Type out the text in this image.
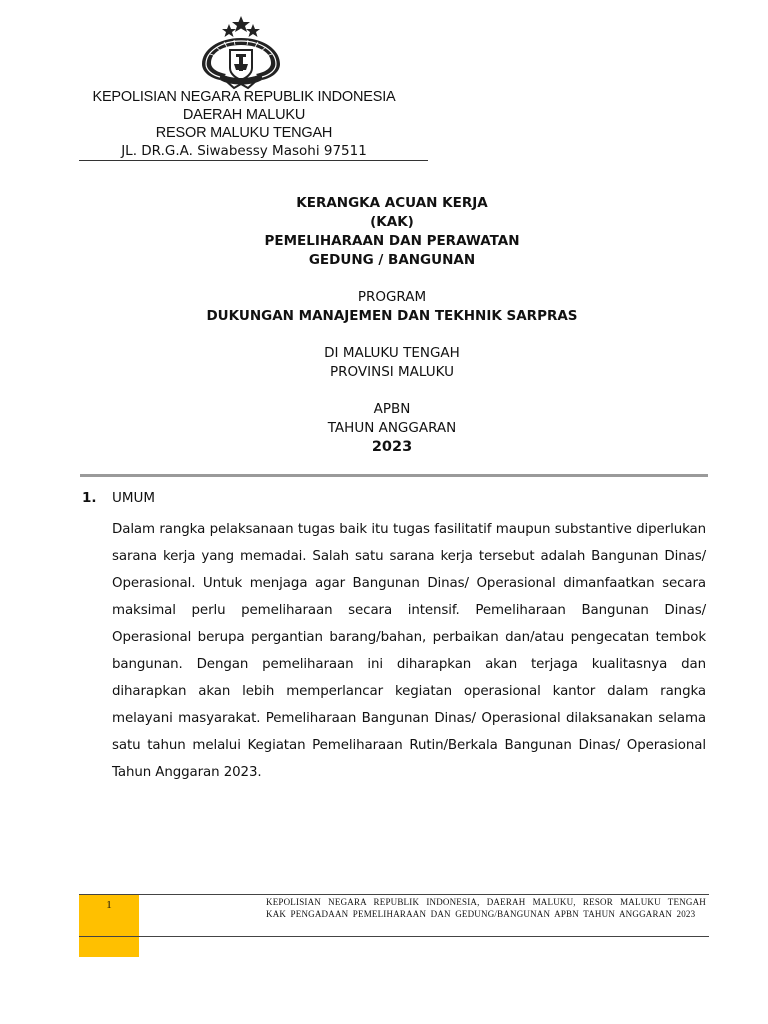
KEPOLISIAN NEGARA REPUBLIK INDONESIA
DAERAH MALUKU
RESOR MALUKU TENGAH
JL. DR.G.A. Siwabessy Masohi 97511
KERANGKA ACUAN KERJA
(KAK)
PEMELIHARAAN DAN PERAWATAN
GEDUNG / BANGUNAN
PROGRAM
DUKUNGAN MANAJEMEN DAN TEKHNIK SARPRAS
DI MALUKU TENGAH
PROVINSI MALUKU
APBN
TAHUN ANGGARAN
2023
1. UMUM
Dalam rangka pelaksanaan tugas baik itu tugas fasilitatif maupun substantive diperlukan sarana kerja yang memadai. Salah satu sarana kerja tersebut adalah Bangunan Dinas/ Operasional. Untuk menjaga agar Bangunan Dinas/ Operasional dimanfaatkan secara maksimal perlu pemeliharaan secara intensif. Pemeliharaan Bangunan Dinas/ Operasional berupa pergantian barang/bahan, perbaikan dan/atau pengecatan tembok bangunan. Dengan pemeliharaan ini diharapkan akan terjaga kualitasnya dan diharapkan akan lebih memperlancar kegiatan operasional kantor dalam rangka melayani masyarakat. Pemeliharaan Bangunan Dinas/ Operasional dilaksanakan selama satu tahun melalui Kegiatan Pemeliharaan Rutin/Berkala Bangunan Dinas/ Operasional Tahun Anggaran 2023.
1	KEPOLISIAN NEGARA REPUBLIK INDONESIA, DAERAH MALUKU, RESOR MALUKU TENGAH KAK PENGADAAN PEMELIHARAAN DAN GEDUNG/BANGUNAN APBN TAHUN ANGGARAN 2023
